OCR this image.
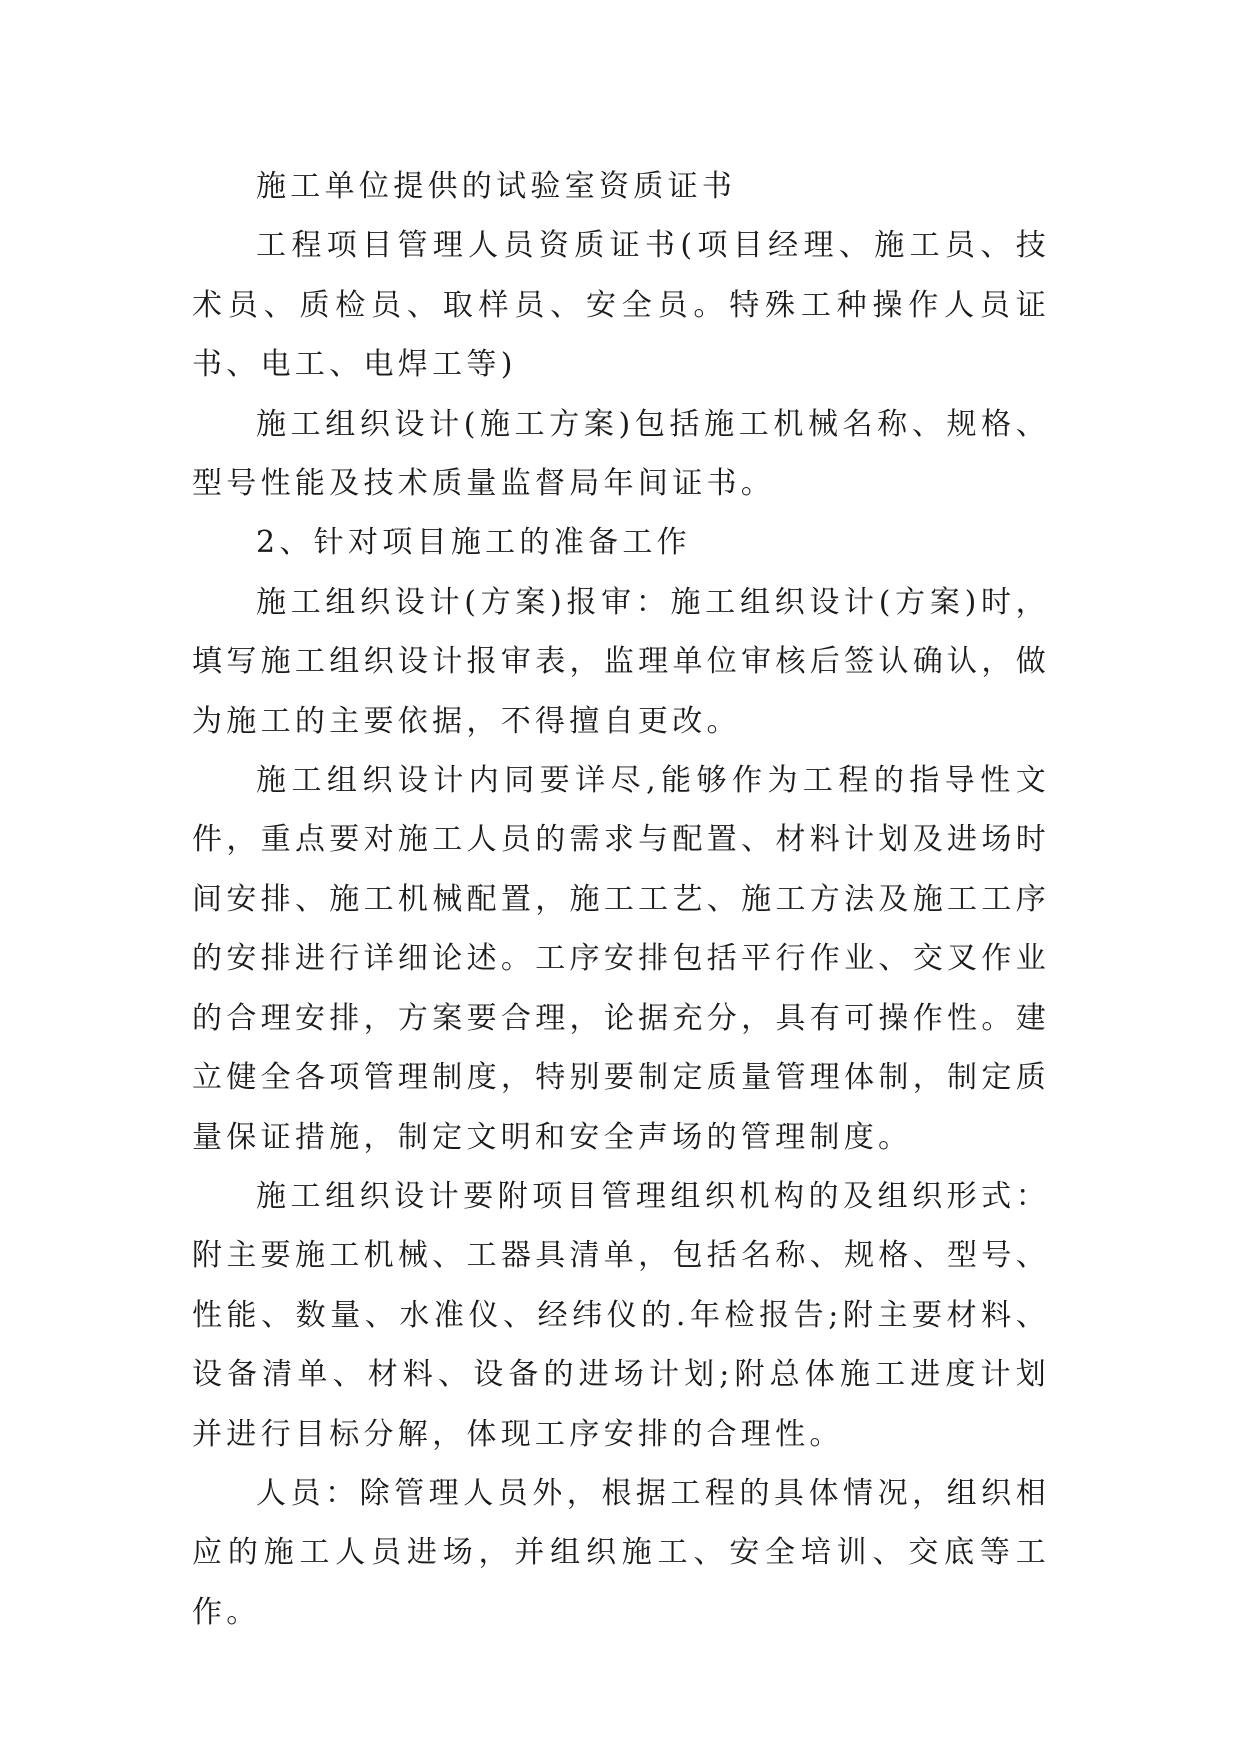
施工单位提供的试验室资质证书

工程项目管理人员资质证书(项目经理、施工员、技术员、质检员、取样员、安全员。特殊工种操作人员证书、电工、电焊工等)

施工组织设计(施工方案)包括施工机械名称、规格、型号性能及技术质量监督局年间证书。

2、针对项目施工的准备工作

施工组织设计(方案)报审：施工组织设计(方案)时，填写施工组织设计报审表，监理单位审核后签认确认，做为施工的主要依据，不得擅自更改。

施工组织设计内同要详尽,能够作为工程的指导性文件，重点要对施工人员的需求与配置、材料计划及进场时间安排、施工机械配置，施工工艺、施工方法及施工工序的安排进行详细论述。工序安排包括平行作业、交叉作业的合理安排，方案要合理，论据充分，具有可操作性。建立健全各项管理制度，特别要制定质量管理体制，制定质量保证措施，制定文明和安全声场的管理制度。

施工组织设计要附项目管理组织机构的及组织形式：附主要施工机械、工器具清单，包括名称、规格、型号、性能、数量、水准仪、经纬仪的.年检报告;附主要材料、设备清单、材料、设备的进场计划;附总体施工进度计划并进行目标分解，体现工序安排的合理性。

人员：除管理人员外，根据工程的具体情况，组织相应的施工人员进场，并组织施工、安全培训、交底等工作。
